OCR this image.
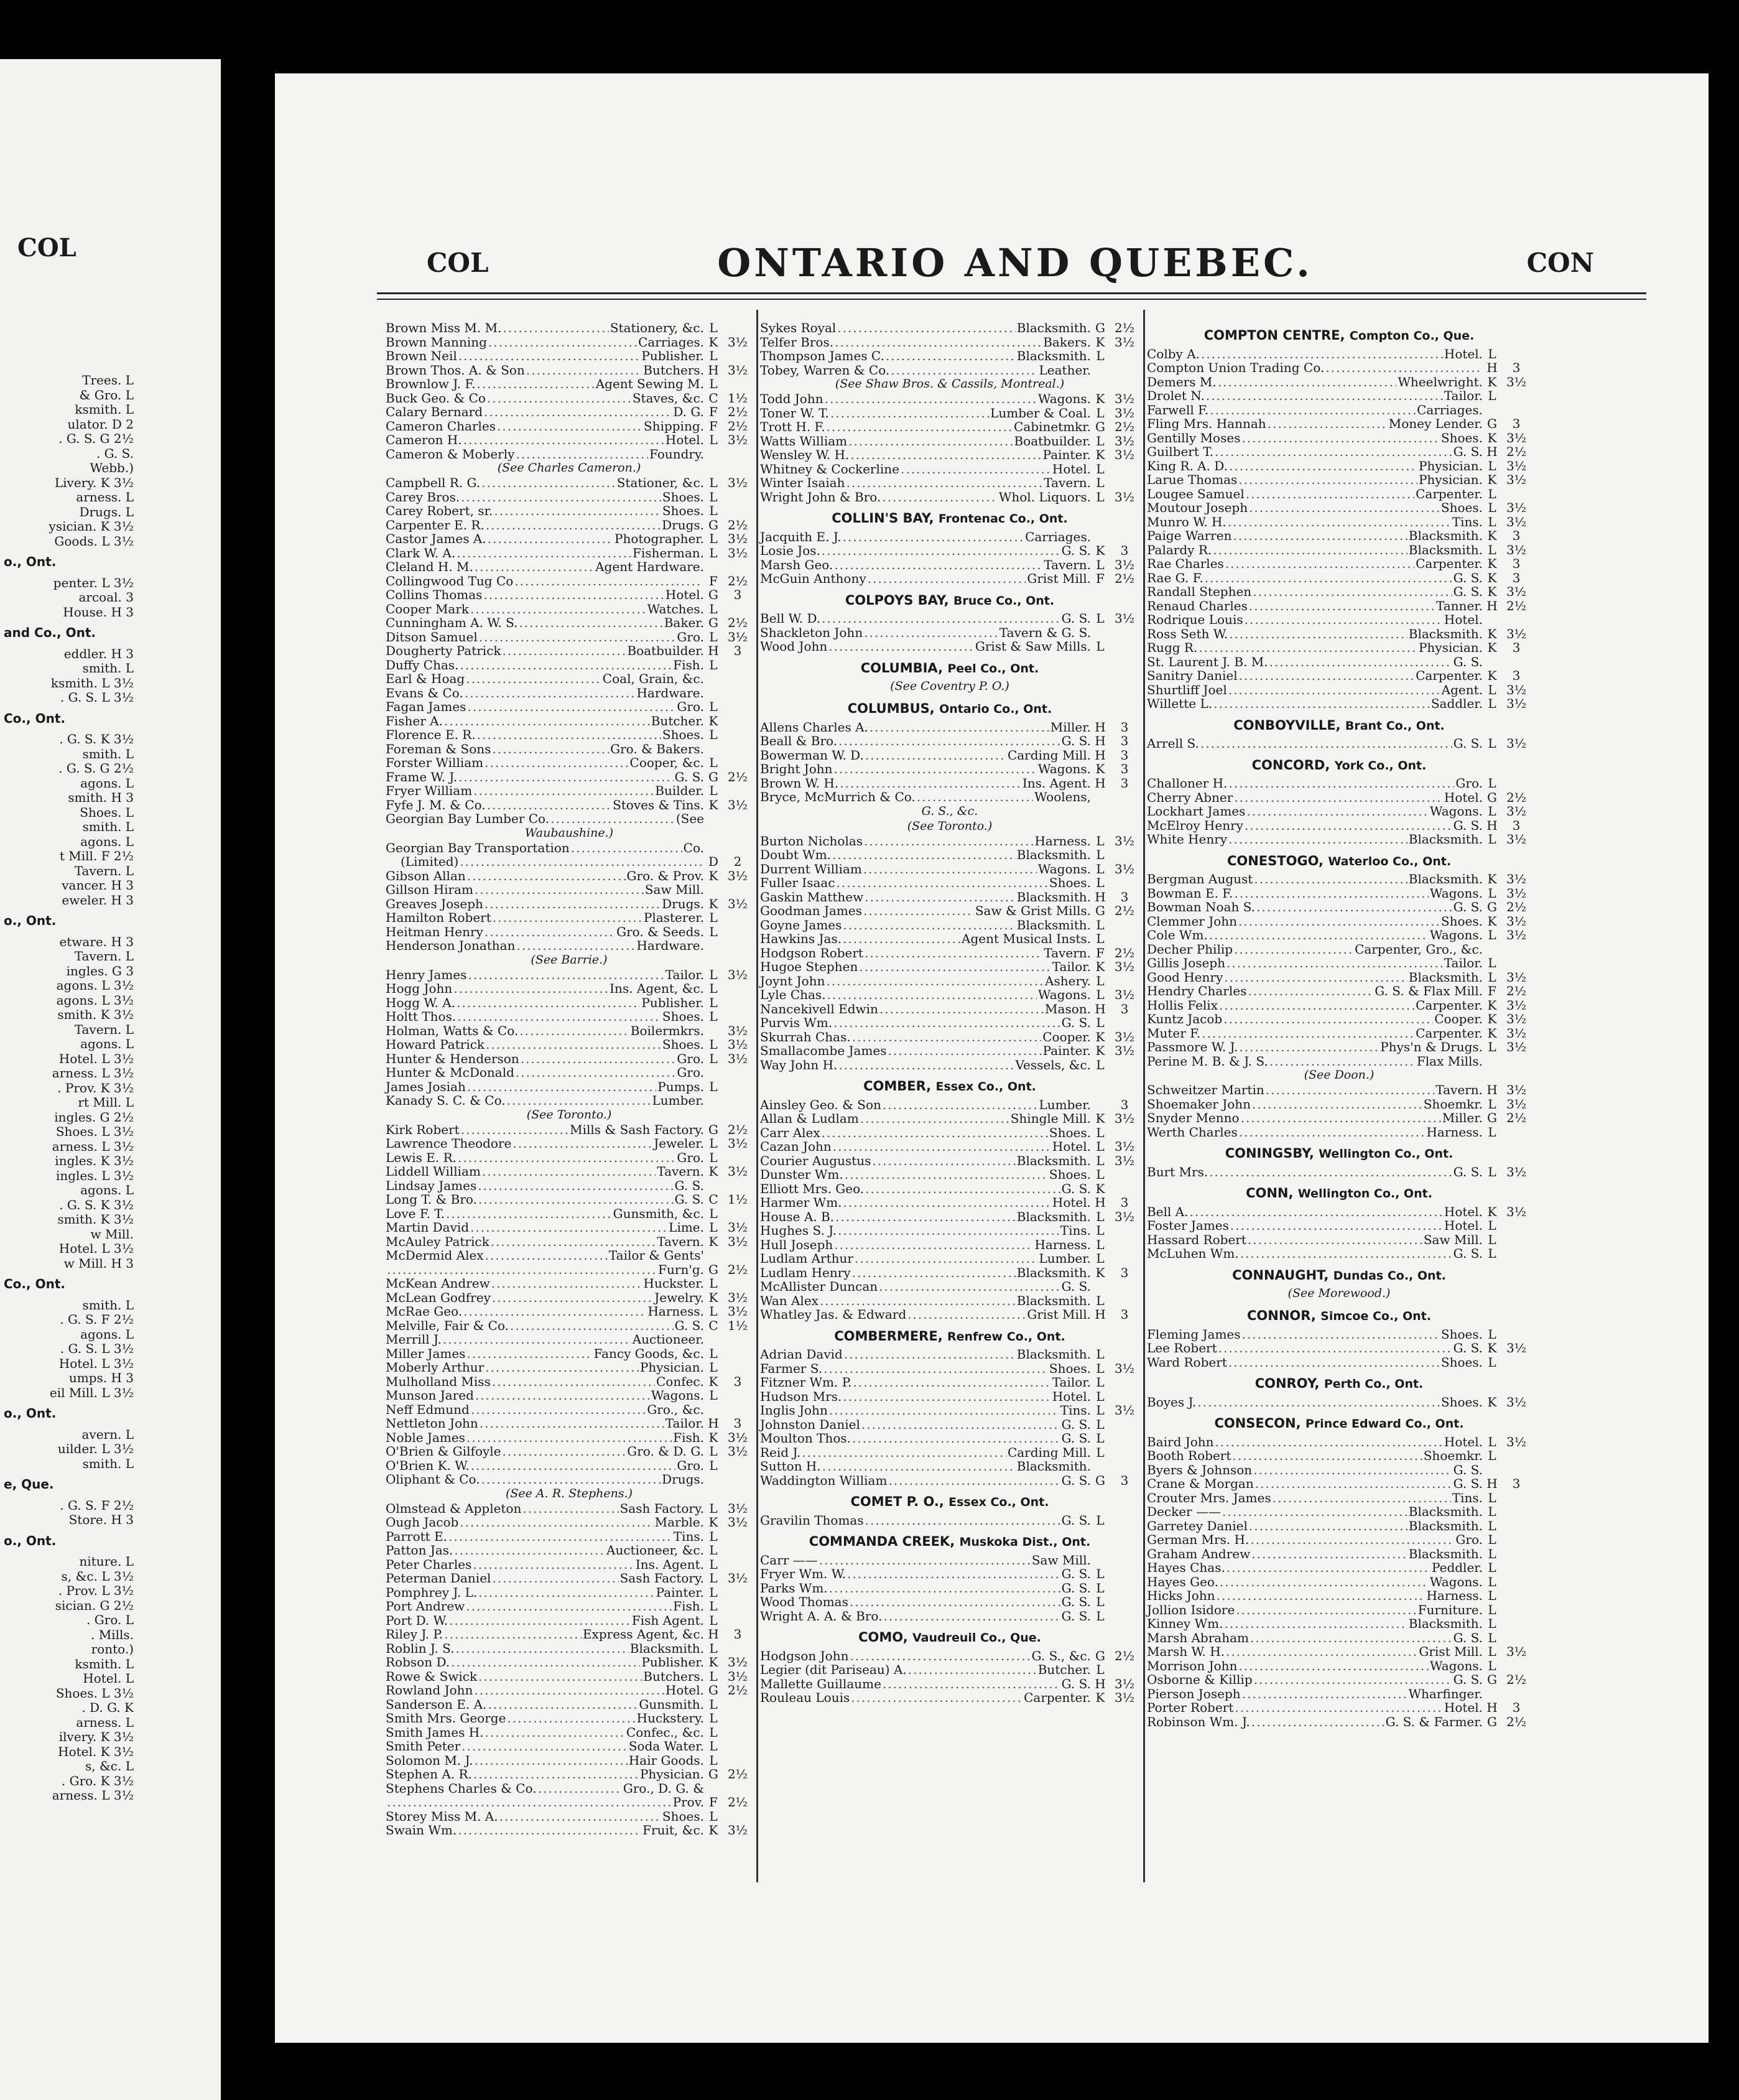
COL
Trees. L
& Gro. L
ksmith. L
ulator. D 2
. G. S. G 2½
. G. S.
Webb.)
Livery. K 3½
arness. L
Drugs. L
ysician. K 3½
Goods. L 3½
o., Ont.
penter. L 3½
arcoal. 3
House. H 3
and Co., Ont.
eddler. H 3
smith. L
ksmith. L 3½
. G. S. L 3½
Co., Ont.
. G. S. K 3½
smith. L
. G. S. G 2½
agons. L
smith. H 3
Shoes. L
smith. L
agons. L
t Mill. F 2½
Tavern. L
vancer. H 3
eweler. H 3
o., Ont.
etware. H 3
Tavern. L
ingles. G 3
agons. L 3½
agons. L 3½
smith. K 3½
Tavern. L
agons. L
Hotel. L 3½
arness. L 3½
. Prov. K 3½
rt Mill. L
ingles. G 2½
Shoes. L 3½
arness. L 3½
ingles. K 3½
ingles. L 3½
agons. L
. G. S. K 3½
smith. K 3½
w Mill.
Hotel. L 3½
w Mill. H 3
Co., Ont.
smith. L
. G. S. F 2½
agons. L
. G. S. L 3½
Hotel. L 3½
umps. H 3
eil Mill. L 3½
o., Ont.
avern. L
uilder. L 3½
smith. L
e, Que.
. G. S. F 2½
Store. H 3
o., Ont.
niture. L
s, &c. L 3½
. Prov. L 3½
sician. G 2½
. Gro. L
. Mills.
ronto.)
ksmith. L
Hotel. L
Shoes. L 3½
. D. G. K
arness. L
ilvery. K 3½
Hotel. K 3½
s, &c. L
. Gro. K 3½
arness. L 3½
COL	ONTARIO AND QUEBEC.	CON
Brown Miss M. M. .....	Stationery, &c. L
Brown Manning .....	Carriages. K 3½
Brown Neil .....	Publisher. L
Brown Thos. A. & Son .....	Butchers. H 3½
Brownlow J. F. .....	Agent Sewing M. L
Buck Geo. & Co .....	Staves, &c. C 1½
Calary Bernard .....	D. G. F 2½
Cameron Charles .....	Shipping. F 2½
Cameron H. .....	Hotel. L 3½
Cameron & Moberly .....	Foundry.
(See Charles Cameron.)
Campbell R. G. .....	Stationer, &c. L 3½
Carey Bros. .....	Shoes. L
Carey Robert, sr. .....	Shoes. L
Carpenter E. R. .....	Drugs. G 2½
Castor James A. .....	Photographer. L 3½
Clark W. A. .....	Fisherman. L 3½
Cleland H. M. .....	Agent Hardware.
Collingwood Tug Co .....	F 2½
Collins Thomas .....	Hotel. G	3
Cooper Mark .....	Watches. L
Cunningham A. W. S. .....	Baker. G 2½
Ditson Samuel .....	Gro. L 3½
Dougherty Patrick .....	Boatbuilder. H	3
Duffy Chas. .....	Fish. L
Earl & Hoag .....	Coal, Grain, &c.
Evans & Co. .....	Hardware.
Fagan James .....	Gro. L
Fisher A. .....	Butcher. K
Florence E. R. .....	Shoes. L
Foreman & Sons .....	Gro. & Bakers.
Forster William .....	Cooper, &c. L
Frame W. J. .....	G. S. G 2½
Fryer William .....	Builder. L
Fyfe J. M. & Co. .....	Stoves & Tins. K 3½
Georgian Bay Lumber Co. .....	(See
Waubaushine.)
Georgian Bay Transportation .....	Co.
(Limited) .....	D	2
Gibson Allan .....	Gro. & Prov. K 3½
Gillson Hiram .....	Saw Mill.
Greaves Joseph .....	Drugs. K 3½
Hamilton Robert .....	Plasterer. L
Heitman Henry .....	Gro. & Seeds. L
Henderson Jonathan .....	Hardware.
(See Barrie.)
Henry James .....	Tailor. L 3½
Hogg John .....	Ins. Agent, &c. L
Hogg W. A. .....	Publisher. L
Holtt Thos. .....	Shoes. L
Holman, Watts & Co. .....	Boilermkrs.	3½
Howard Patrick .....	Shoes. L 3½
Hunter & Henderson .....	Gro. L 3½
Hunter & McDonald .....	Gro.
James Josiah .....	Pumps. L
Kanady S. C. & Co. .....	Lumber.
(See Toronto.)
Kirk Robert .....	Mills & Sash Factory. G 2½
Lawrence Theodore .....	Jeweler. L 3½
Lewis E. R. .....	Gro. L
Liddell William .....	Tavern. K 3½
Lindsay James .....	G. S.
Long T. & Bro. .....	G. S. C 1½
Love F. T. .....	Gunsmith, &c. L
Martin David .....	Lime. L 3½
McAuley Patrick .....	Tavern. K 3½
McDermid Alex .....	Tailor & Gents'
.....
Furn'g. G 2½
McKean Andrew .....	Huckster. L
McLean Godfrey .....	Jewelry. K 3½
McRae Geo. .....	Harness. L 3½
Melville, Fair & Co. .....	G. S. C 1½
Merrill J. .....	Auctioneer.
Miller James .....	Fancy Goods, &c. L
Moberly Arthur .....	Physician. L
Mulholland Miss .....	Confec. K	3
Munson Jared .....	Wagons. L
Neff Edmund .....	Gro., &c.
Nettleton John .....	Tailor. H	3
Noble James .....	Fish. K 3½
O'Brien & Gilfoyle .....	Gro. & D. G. L 3½
O'Brien K. W. .....	Gro. L
Oliphant & Co. .....	Drugs.
(See A. R. Stephens.)
Olmstead & Appleton .....	Sash Factory. L 3½
Ough Jacob .....	Marble. K 3½
Parrott E. .....	Tins. L
Patton Jas. .....	Auctioneer, &c. L
Peter Charles .....	Ins. Agent. L
Peterman Daniel .....	Sash Factory. L 3½
Pomphrey J. L. .....	Painter. L
Port Andrew .....	Fish. L
Port D. W. .....	Fish Agent. L
Riley J. P. .....	Express Agent, &c. H	3
Roblin J. S. .....	Blacksmith. L
Robson D. .....	Publisher. K 3½
Rowe & Swick .....	Butchers. L 3½
Rowland John .....	Hotel. G 2½
Sanderson E. A. .....	Gunsmith. L
Smith Mrs. George .....	Huckstery. L
Smith James H. .....	Confec., &c. L
Smith Peter .....	Soda Water. L
Solomon M. J. .....	Hair Goods. L
Stephen A. R. .....	Physician. G 2½
Stephens Charles & Co. .....	Gro., D. G. &
.....
Prov. F 2½
Storey Miss M. A. .....	Shoes. L
Swain Wm. .....	Fruit, &c. K 3½
Sykes Royal .....	Blacksmith. G 2½
Telfer Bros. .....	Bakers. K 3½
Thompson James C. .....	Blacksmith. L
Tobey, Warren & Co. .....	Leather.
(See Shaw Bros. & Cassils, Montreal.)
Todd John .....	Wagons. K 3½
Toner W. T. .....	Lumber & Coal. L 3½
Trott H. F. .....	Cabinetmkr. G 2½
Watts William .....	Boatbuilder. L 3½
Wensley W. H. .....	Painter. K 3½
Whitney & Cockerline .....	Hotel. L
Winter Isaiah .....	Tavern. L
Wright John & Bro. .....	Whol. Liquors. L 3½
COLLIN'S BAY, Frontenac Co., Ont.
Jacquith E. J. .....	Carriages.
Losie Jos. .....	G. S. K	3
Marsh Geo. .....	Tavern. L 3½
McGuin Anthony .....	Grist Mill. F 2½
COLPOYS BAY, Bruce Co., Ont.
Bell W. D. .....	G. S. L 3½
Shackleton John .....	Tavern & G. S.
Wood John .....	Grist & Saw Mills. L
COLUMBIA, Peel Co., Ont.
(See Coventry P. O.)
COLUMBUS, Ontario Co., Ont.
Allens Charles A. .....	Miller. H	3
Beall & Bro. .....	G. S. H	3
Bowerman W. D. .....	Carding Mill. H	3
Bright John .....	Wagons. K	3
Brown W. H. .....	Ins. Agent. H	3
Bryce, McMurrich & Co. .....	Woolens,
G. S., &c.
(See Toronto.)
Burton Nicholas .....	Harness. L 3½
Doubt Wm. .....	Blacksmith. L
Durrent William .....	Wagons. L 3½
Fuller Isaac .....	Shoes. L
Gaskin Matthew .....	Blacksmith. H	3
Goodman James .....	Saw & Grist Mills. G 2½
Goyne James .....	Blacksmith. L
Hawkins Jas. .....	Agent Musical Insts. L
Hodgson Robert .....	Tavern. F 2½
Hugoe Stephen .....	Tailor. K 3½
Joynt John .....	Ashery. L
Lyle Chas. .....	Wagons. L 3½
Nancekivell Edwin .....	Mason. H	3
Purvis Wm. .....	G. S. L
Skurrah Chas. .....	Cooper. K 3½
Smallacombe James .....	Painter. K 3½
Way John H. .....	Vessels, &c. L
COMBER, Essex Co., Ont.
Ainsley Geo. & Son .....	Lumber.	3
Allan & Ludlam .....	Shingle Mill. K 3½
Carr Alex .....	Shoes. L
Cazan John .....	Hotel. L 3½
Courier Augustus .....	Blacksmith. L 3½
Dunster Wm. .....	Shoes. L
Elliott Mrs. Geo. .....	G. S. K
Harmer Wm. .....	Hotel. H	3
House A. B. .....	Blacksmith. L 3½
Hughes S. J. .....	Tins. L
Hull Joseph .....	Harness. L
Ludlam Arthur .....	Lumber. L
Ludlam Henry .....	Blacksmith. K	3
McAllister Duncan .....	G. S.
Wan Alex .....	Blacksmith. L
Whatley Jas. & Edward .....	Grist Mill. H	3
COMBERMERE, Renfrew Co., Ont.
Adrian David .....	Blacksmith. L
Farmer S. .....	Shoes. L 3½
Fitzner Wm. P. .....	Tailor. L
Hudson Mrs. .....	Hotel. L
Inglis John .....	Tins. L 3½
Johnston Daniel .....	G. S. L
Moulton Thos. .....	G. S. L
Reid J. .....	Carding Mill. L
Sutton H. .....	Blacksmith.
Waddington William .....	G. S. G	3
COMET P. O., Essex Co., Ont.
Gravilin Thomas .....	G. S. L
COMMANDA CREEK, Muskoka Dist., Ont.
Carr —— .....	Saw Mill.
Fryer Wm. W. .....	G. S. L
Parks Wm. .....	G. S. L
Wood Thomas .....	G. S. L
Wright A. A. & Bro. .....	G. S. L
COMO, Vaudreuil Co., Que.
Hodgson John .....	G. S., &c. G 2½
Legier (dit Pariseau) A. .....	Butcher. L
Mallette Guillaume .....	G. S. H 3½
Rouleau Louis .....	Carpenter. K 3½
COMPTON CENTRE, Compton Co., Que.
Colby A. .....	Hotel. L
Compton Union Trading Co. .....	H	3
Demers M. .....	Wheelwright. K 3½
Drolet N. .....	Tailor. L
Farwell F. .....	Carriages.
Fling Mrs. Hannah .....	Money Lender. G	3
Gentilly Moses .....	Shoes. K 3½
Guilbert T. .....	G. S. H 2½
King R. A. D. .....	Physician. L 3½
Larue Thomas .....	Physician. K 3½
Lougee Samuel .....	Carpenter. L
Moutour Joseph .....	Shoes. L 3½
Munro W. H. .....	Tins. L 3½
Paige Warren .....	Blacksmith. K	3
Palardy R. .....	Blacksmith. L 3½
Rae Charles .....	Carpenter. K	3
Rae G. F. .....	G. S. K	3
Randall Stephen .....	G. S. K 3½
Renaud Charles .....	Tanner. H 2½
Rodrique Louis .....	Hotel.
Ross Seth W. .....	Blacksmith. K 3½
Rugg R. .....	Physician. K	3
St. Laurent J. B. M. .....	G. S.
Sanitry Daniel .....	Carpenter. K	3
Shurtliff Joel .....	Agent. L 3½
Willette L. .....	Saddler. L 3½
CONBOYVILLE, Brant Co., Ont.
Arrell S. .....	G. S. L 3½
CONCORD, York Co., Ont.
Challoner H. .....	Gro. L
Cherry Abner .....	Hotel. G 2½
Lockhart James .....	Wagons. L 3½
McElroy Henry .....	G. S. H	3
White Henry .....	Blacksmith. L 3½
CONESTOGO, Waterloo Co., Ont.
Bergman August .....	Blacksmith. K 3½
Bowman E. F. .....	Wagons. L 3½
Bowman Noah S. .....	G. S. G 2½
Clemmer John .....	Shoes. K 3½
Cole Wm. .....	Wagons. L 3½
Decher Philip .....	Carpenter, Gro., &c.
Gillis Joseph .....	Tailor. L
Good Henry .....	Blacksmith. L 3½
Hendry Charles .....	G. S. & Flax Mill. F 2½
Hollis Felix .....	Carpenter. K 3½
Kuntz Jacob .....	Cooper. K 3½
Muter F. .....	Carpenter. K 3½
Passmore W. J. .....	Phys'n & Drugs. L 3½
Perine M. B. & J. S. .....	Flax Mills.
(See Doon.)
Schweitzer Martin .....	Tavern. H 3½
Shoemaker John .....	Shoemkr. L 3½
Snyder Menno .....	Miller. G 2½
Werth Charles .....	Harness. L
CONINGSBY, Wellington Co., Ont.
Burt Mrs. .....	G. S. L 3½
CONN, Wellington Co., Ont.
Bell A. .....	Hotel. K 3½
Foster James .....	Hotel. L
Hassard Robert .....	Saw Mill. L
McLuhen Wm. .....	G. S. L
CONNAUGHT, Dundas Co., Ont.
(See Morewood.)
CONNOR, Simcoe Co., Ont.
Fleming James .....	Shoes. L
Lee Robert .....	G. S. K 3½
Ward Robert .....	Shoes. L
CONROY, Perth Co., Ont.
Boyes J. .....	Shoes. K 3½
CONSECON, Prince Edward Co., Ont.
Baird John .....	Hotel. L 3½
Booth Robert .....	Shoemkr. L
Byers & Johnson .....	G. S.
Crane & Morgan .....	G. S. H	3
Crouter Mrs. James .....	Tins. L
Decker —— .....	Blacksmith. L
Garretey Daniel .....	Blacksmith. L
German Mrs. H. .....	Gro. L
Graham Andrew .....	Blacksmith. L
Hayes Chas. .....	Peddler. L
Hayes Geo. .....	Wagons. L
Hicks John .....	Harness. L
Jollion Isidore .....	Furniture. L
Kinney Wm. .....	Blacksmith. L
Marsh Abraham .....	G. S. L
Marsh W. H. .....	Grist Mill. L 3½
Morrison John .....	Wagons. L
Osborne & Killip .....	G. S. G 2½
Pierson Joseph .....	Wharfinger.
Porter Robert .....	Hotel. H	3
Robinson Wm. J. .....	G. S. & Farmer. G 2½
